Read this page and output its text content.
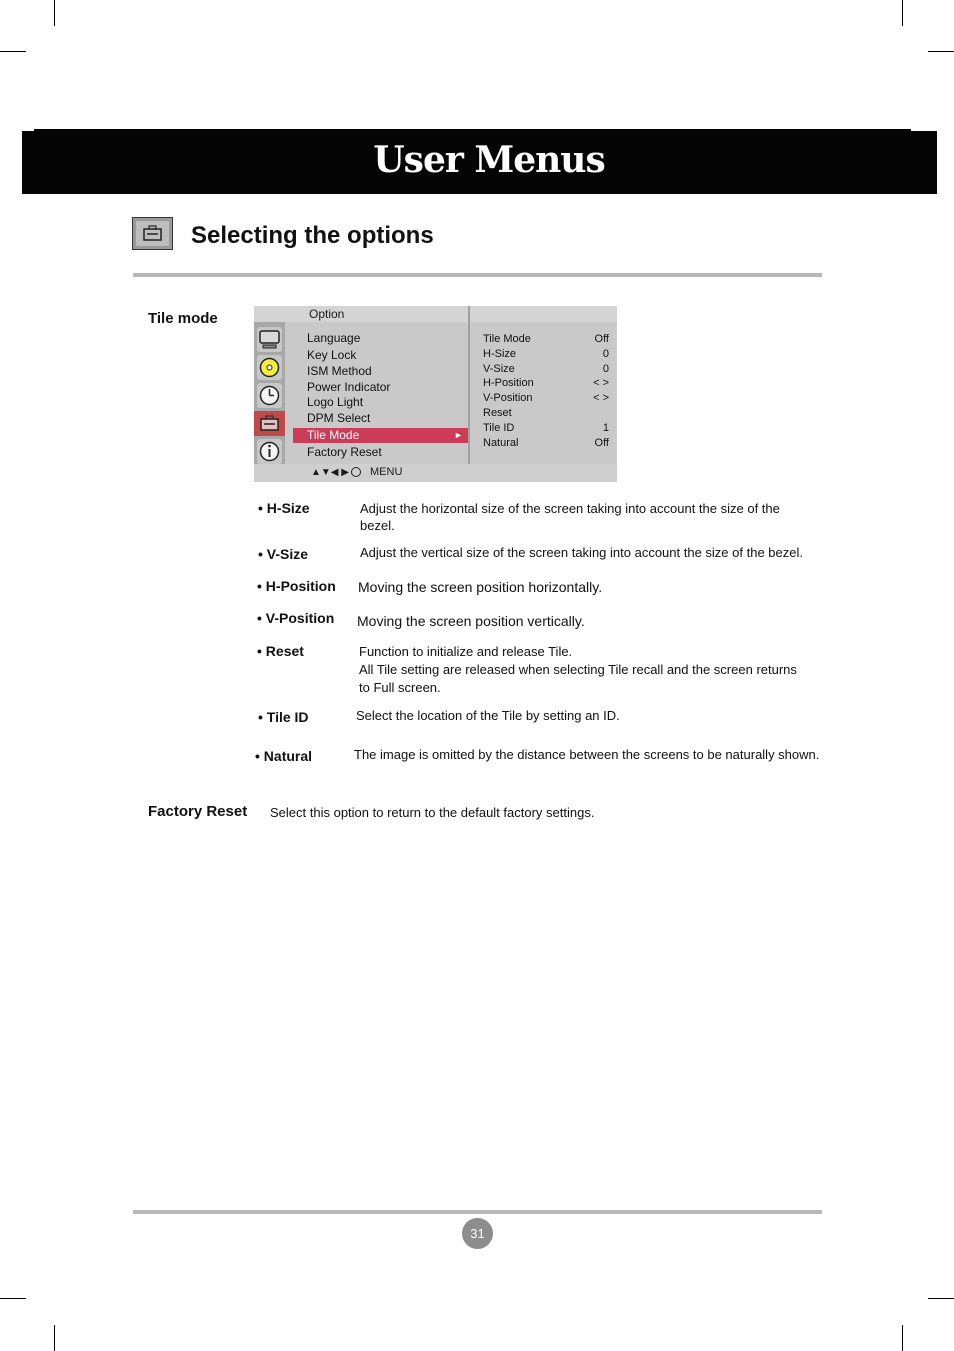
User Menus
Selecting the options
Tile mode	Option
Language
Key Lock
ISM Method
Power Indicator
Logo Light
DPM Select
Tile Mode	►
Factory Reset
Tile Mode	Off
H-Size	0
V-Size	0
H-Position	< >
V-Position	< >
Reset
Tile ID	1
Natural	Off
▲▼◀ ▶ MENU
• H-Size	Adjust the horizontal size of the screen taking into account the size of the
bezel.
• V-Size	Adjust the vertical size of the screen taking into account the size of the bezel.
• H-Position Moving the screen position horizontally.
• V-Position Moving the screen position vertically.
• Reset	Function to initialize and release Tile.
All Tile setting are released when selecting Tile recall and the screen returns
to Full screen.
• Tile ID	Select the location of the Tile by setting an ID.
• Natural	The image is omitted by the distance between the screens to be naturally shown.
Factory Reset Select this option to return to the default factory settings.
31
